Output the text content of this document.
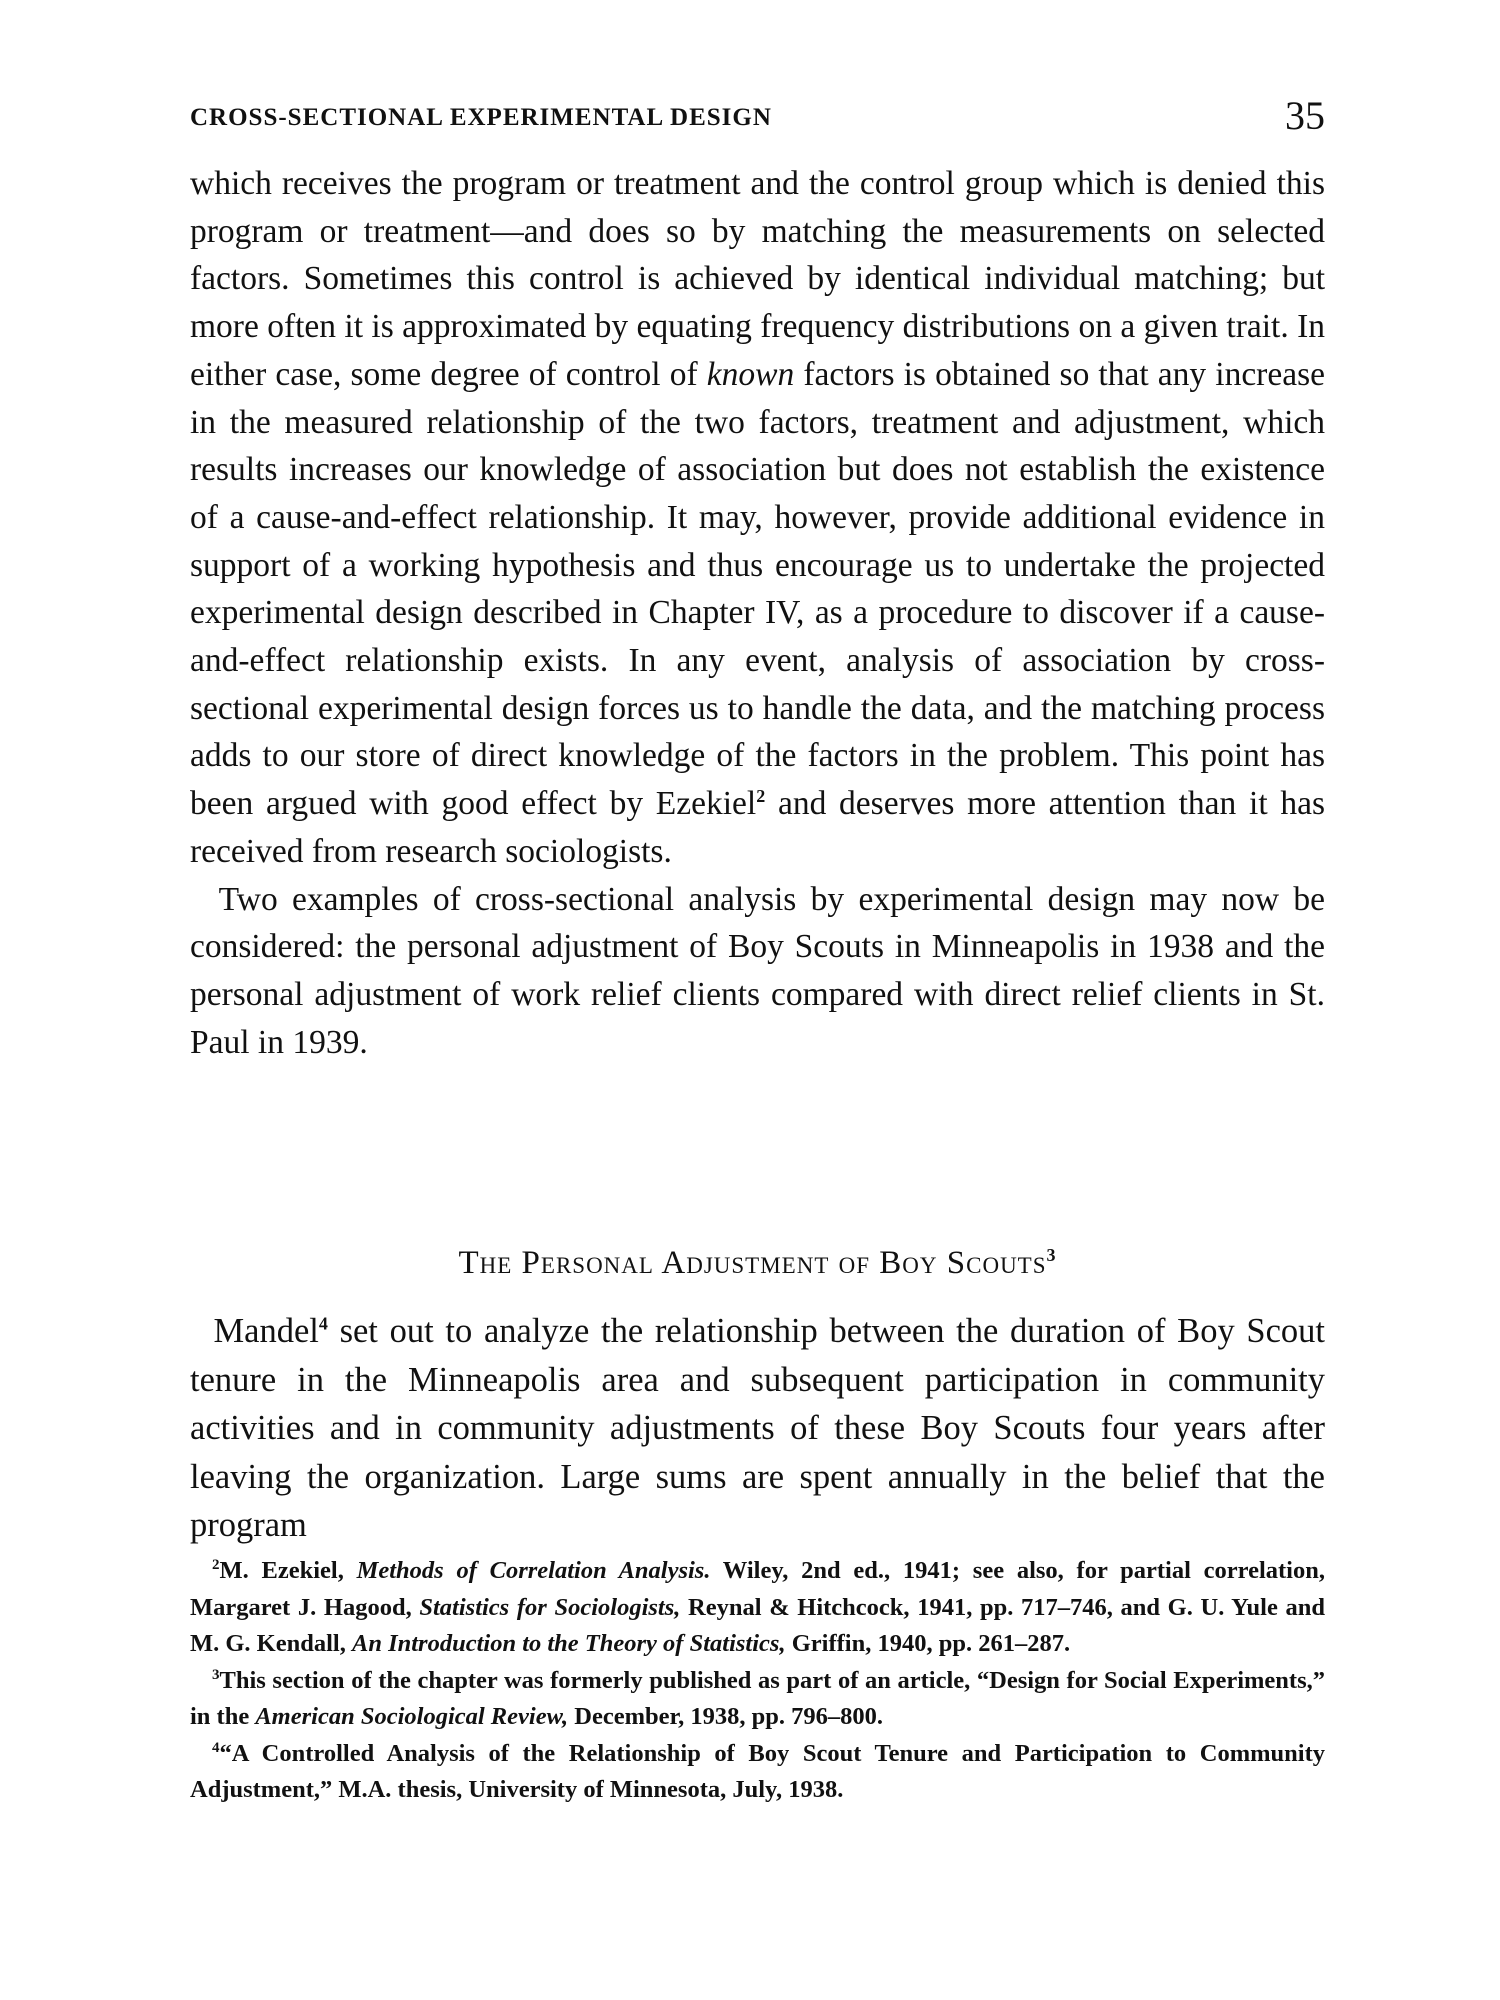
CROSS-SECTIONAL EXPERIMENTAL DESIGN	35

which receives the program or treatment and the control group which is denied this program or treatment—and does so by matching the measurements on selected factors. Sometimes this control is achieved by identical individual matching; but more often it is approximated by equating frequency distributions on a given trait. In either case, some degree of control of known factors is obtained so that any increase in the measured relationship of the two factors, treatment and adjustment, which results increases our knowledge of association but does not establish the existence of a cause-and-effect relationship. It may, however, provide additional evidence in support of a working hypothesis and thus encourage us to undertake the projected experimental design described in Chapter IV, as a procedure to discover if a cause-and-effect relationship exists. In any event, analysis of association by cross-sectional experimental design forces us to handle the data, and the matching process adds to our store of direct knowledge of the factors in the problem. This point has been argued with good effect by Ezekiel$^2$ and deserves more attention than it has received from research sociologists.

Two examples of cross-sectional analysis by experimental design may now be considered: the personal adjustment of Boy Scouts in Minneapolis in 1938 and the personal adjustment of work relief clients compared with direct relief clients in St. Paul in 1939.

The Personal Adjustment of Boy Scouts$^3$
Mandel$^4$ set out to analyze the relationship between the duration of Boy Scout tenure in the Minneapolis area and subsequent participation in community activities and in community adjustments of these Boy Scouts four years after leaving the organization. Large sums are spent annually in the belief that the program

$^2$M. Ezekiel, Methods of Correlation Analysis. Wiley, 2nd ed., 1941; see also, for partial correlation, Margaret J. Hagood, Statistics for Sociologists, Reynal & Hitchcock, 1941, pp. 717–746, and G. U. Yule and M. G. Kendall, An Introduction to the Theory of Statistics, Griffin, 1940, pp. 261–287.

$^3$This section of the chapter was formerly published as part of an article, “Design for Social Experiments,” in the American Sociological Review, December, 1938, pp. 796–800.

$^4$“A Controlled Analysis of the Relationship of Boy Scout Tenure and Participation to Community Adjustment,” M.A. thesis, University of Minnesota, July, 1938.
